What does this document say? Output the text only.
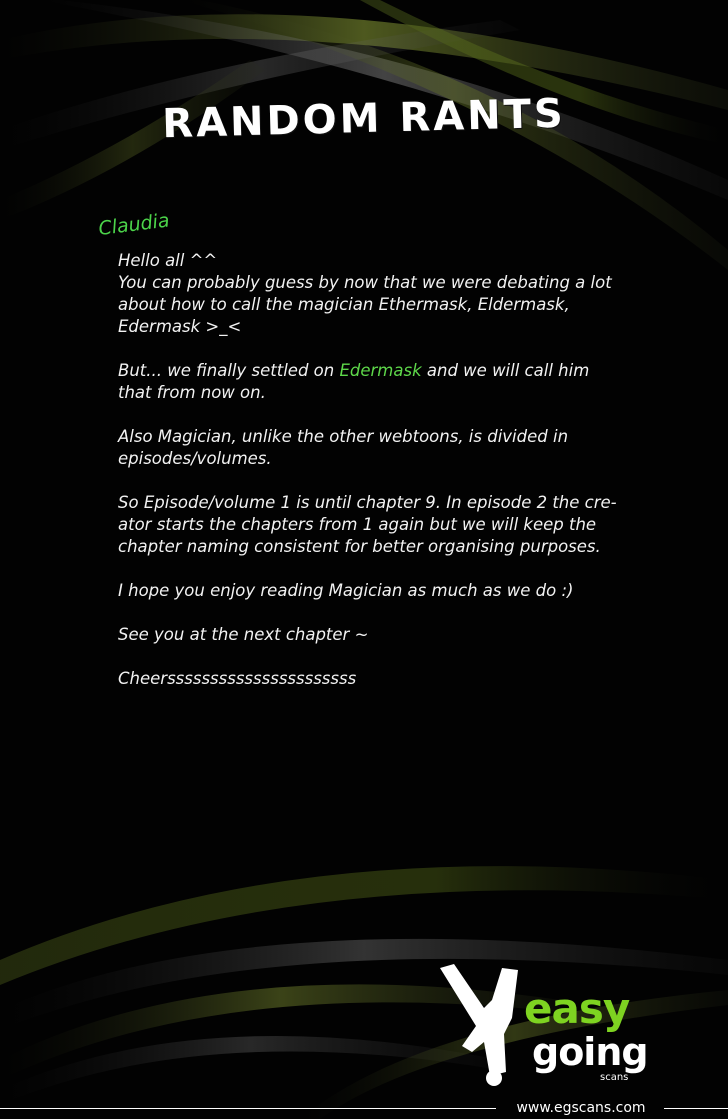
RANDOM RANTS
Claudia

Hello all ^^
You can probably guess by now that we were debating a lot about how to call the magician Ethermask, Eldermask, Edermask >_<

But... we finally settled on Edermask and we will call him that from now on.

Also Magician, unlike the other webtoons, is divided in episodes/volumes.

So Episode/volume 1 is until chapter 9. In episode 2 the cre-ator starts the chapters from 1 again but we will keep the chapter naming consistent for better organising purposes.

I hope you enjoy reading Magician as much as we do :)

See you at the next chapter ~

Cheerssssssssssssssssssssss

easy
going
scans
www.egscans.com
